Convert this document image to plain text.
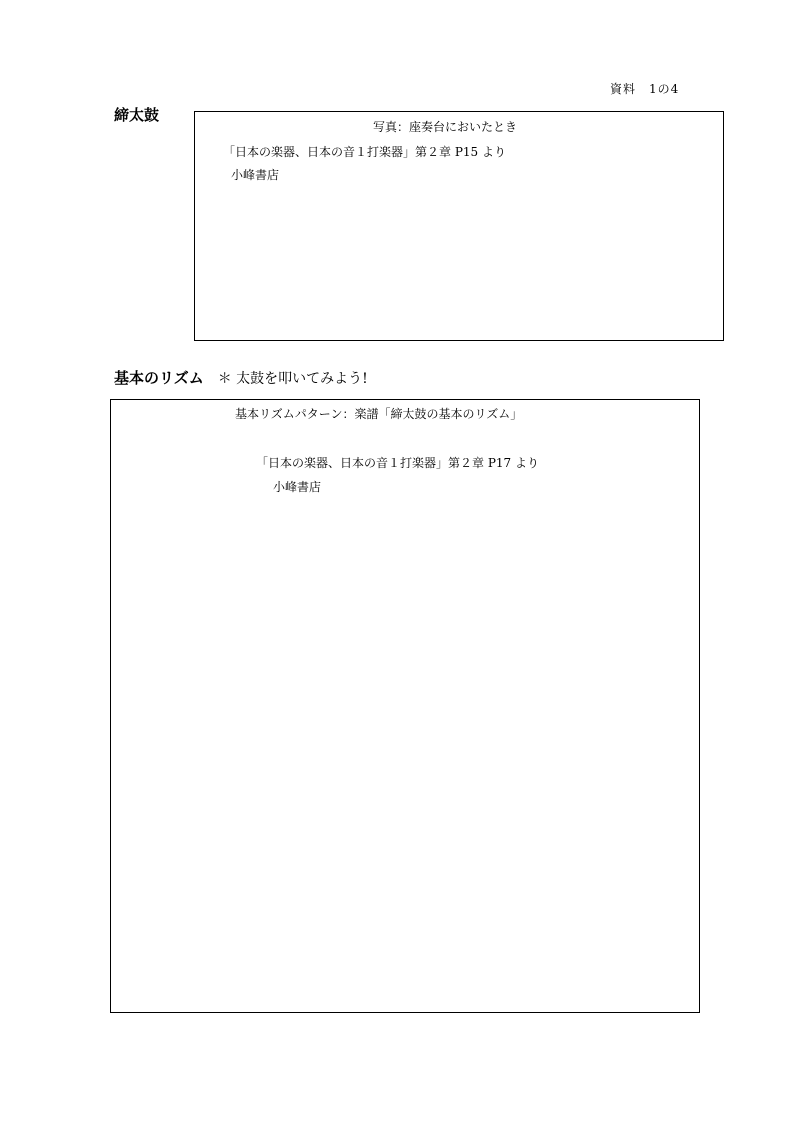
資料　1の4
締太鼓
写真：座奏台においたとき
「日本の楽器、日本の音１打楽器」第２章 P15 より
小峰書店
基本のリズム ＊ 太鼓を叩いてみよう!
基本リズムパターン：楽譜「締太鼓の基本のリズム」
「日本の楽器、日本の音１打楽器」第２章 P17 より
小峰書店
